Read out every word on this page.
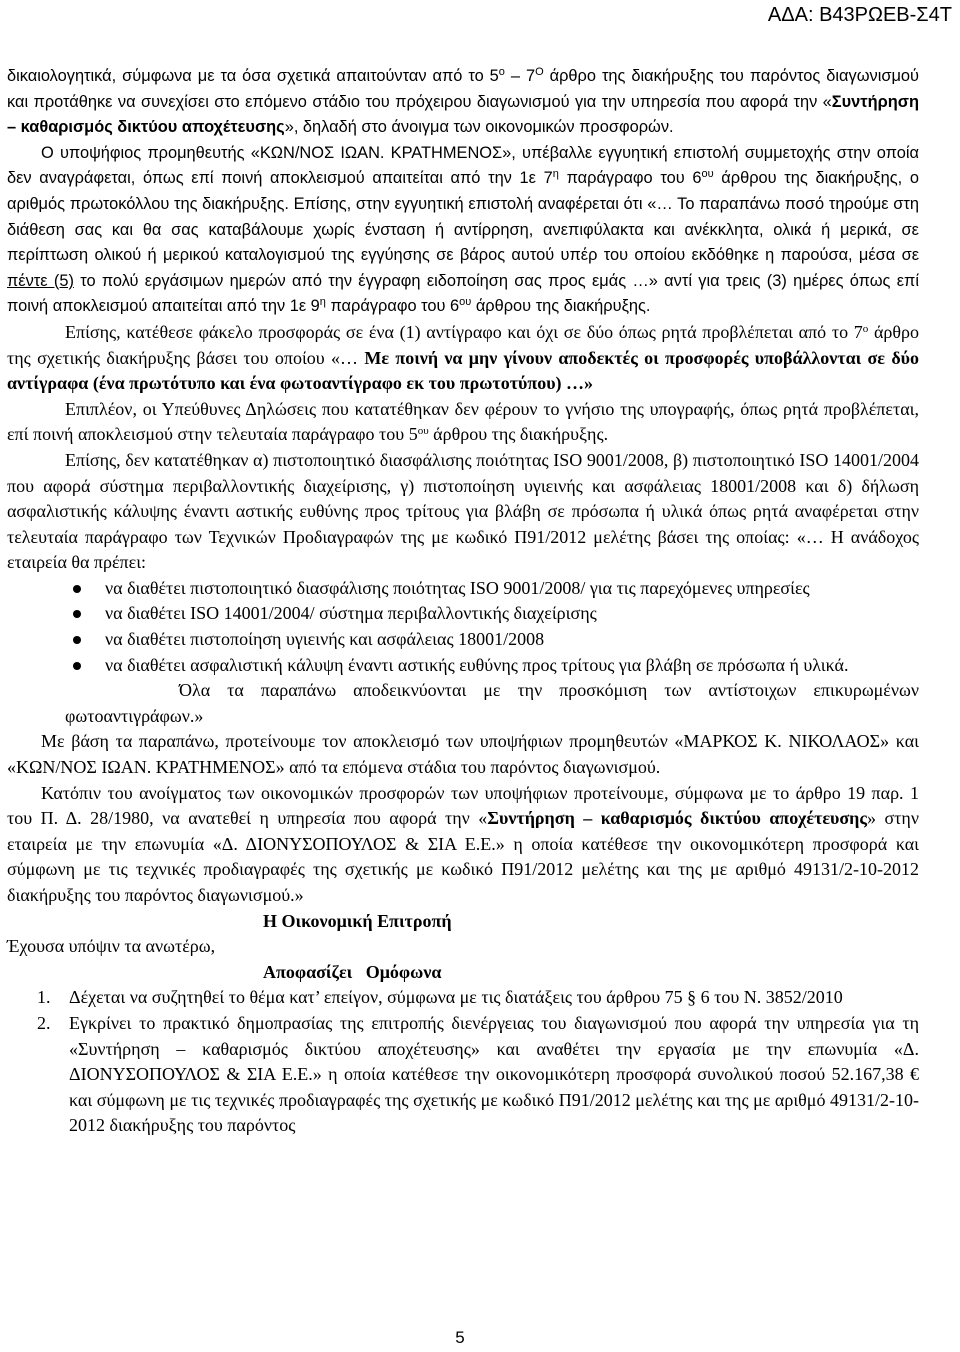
ΑΔΑ: Β43ΡΩΕΒ-Σ4Τ

δικαιολογητικά, σύμφωνα με τα όσα σχετικά απαιτούνταν από το $5^o - 7^O$ άρθρο της διακήρυξης του παρόντος διαγωνισμού και προτάθηκε να συνεχίσει στο επόμενο στάδιο του πρόχειρου διαγωνισμού για την υπηρεσία που αφορά την «Συντήρηση – καθαρισμός δικτύου αποχέτευσης», δηλαδή στο άνοιγμα των οικονομικών προσφορών.

Ο υποψήφιος προμηθευτής «ΚΩΝ/ΝΟΣ ΙΩΑΝ. ΚΡΑΤΗΜΕΝΟΣ», υπέβαλλε εγγυητική επιστολή συμμετοχής στην οποία δεν αναγράφεται, όπως επί ποινή αποκλεισμού απαιτείται από την 1ε $7^\eta$ παράγραφο του $6^{o\upsilon}$ άρθρου της διακήρυξης, ο αριθμός πρωτοκόλλου της διακήρυξης. Επίσης, στην εγγυητική επιστολή αναφέρεται ότι «… Το παραπάνω ποσό τηρούμε στη διάθεση σας και θα σας καταβάλουμε χωρίς ένσταση ή αντίρρηση, ανεπιφύλακτα και ανέκκλητα, ολικά ή μερικά, σε περίπτωση ολικού ή μερικού καταλογισμού της εγγύησης σε βάρος αυτού υπέρ του οποίου εκδόθηκε η παρούσα, μέσα σε πέντε (5) το πολύ εργάσιμων ημερών από την έγγραφη ειδοποίηση σας προς εμάς …» αντί για τρεις (3) ημέρες όπως επί ποινή αποκλεισμού απαιτείται από την 1ε $9^\eta$ παράγραφο του $6^{o\upsilon}$ άρθρου της διακήρυξης.

Επίσης, κατέθεσε φάκελο προσφοράς σε ένα (1) αντίγραφο και όχι σε δύο όπως ρητά προβλέπεται από το $7^o$ άρθρο της σχετικής διακήρυξης βάσει του οποίου «… Με ποινή να μην γίνουν αποδεκτές οι προσφορές υποβάλλονται σε δύο αντίγραφα (ένα πρωτότυπο και ένα φωτοαντίγραφο εκ του πρωτοτύπου) …»

Επιπλέον, οι Υπεύθυνες Δηλώσεις που κατατέθηκαν δεν φέρουν το γνήσιο της υπογραφής, όπως ρητά προβλέπεται, επί ποινή αποκλεισμού στην τελευταία παράγραφο του $5^{o\upsilon}$ άρθρου της διακήρυξης.

Επίσης, δεν κατατέθηκαν α) πιστοποιητικό διασφάλισης ποιότητας ISO 9001/2008, β) πιστοποιητικό ISO 14001/2004 που αφορά σύστημα περιβαλλοντικής διαχείρισης, γ) πιστοποίηση υγιεινής και ασφάλειας 18001/2008 και δ) δήλωση ασφαλιστικής κάλυψης έναντι αστικής ευθύνης προς τρίτους για βλάβη σε πρόσωπα ή υλικά όπως ρητά αναφέρεται στην τελευταία παράγραφο των Τεχνικών Προδιαγραφών της με κωδικό Π91/2012 μελέτης βάσει της οποίας: «… Η ανάδοχος εταιρεία θα πρέπει:

να διαθέτει πιστοποιητικό διασφάλισης ποιότητας ISO 9001/2008/ για τις παρεχόμενες υπηρεσίες
να διαθέτει ISO 14001/2004/ σύστημα περιβαλλοντικής διαχείρισης
να διαθέτει πιστοποίηση υγιεινής και ασφάλειας 18001/2008
να διαθέτει ασφαλιστική κάλυψη έναντι αστικής ευθύνης προς τρίτους για βλάβη σε πρόσωπα ή υλικά.

Όλα τα παραπάνω αποδεικνύονται με την προσκόμιση των αντίστοιχων επικυρωμένων φωτοαντιγράφων.»

Με βάση τα παραπάνω, προτείνουμε τον αποκλεισμό των υποψήφιων προμηθευτών «ΜΑΡΚΟΣ Κ. ΝΙΚΟΛΑΟΣ» και «ΚΩΝ/ΝΟΣ ΙΩΑΝ. ΚΡΑΤΗΜΕΝΟΣ» από τα επόμενα στάδια του παρόντος διαγωνισμού.

Κατόπιν του ανοίγματος των οικονομικών προσφορών των υποψήφιων προτείνουμε, σύμφωνα με το άρθρο 19 παρ. 1 του Π. Δ. 28/1980, να ανατεθεί η υπηρεσία που αφορά την «Συντήρηση – καθαρισμός δικτύου αποχέτευσης» στην εταιρεία με την επωνυμία «Δ. ΔΙΟΝΥΣΟΠΟΥΛΟΣ & ΣΙΑ Ε.Ε.» η οποία κατέθεσε την οικονομικότερη προσφορά και σύμφωνη με τις τεχνικές προδιαγραφές της σχετικής με κωδικό Π91/2012 μελέτης και της με αριθμό 49131/2-10-2012 διακήρυξης του παρόντος διαγωνισμού.»

Η Οικονομική Επιτροπή

Έχουσα υπόψιν τα ανωτέρω,

Αποφασίζει   Ομόφωνα

1. Δέχεται να συζητηθεί το θέμα κατ’ επείγον, σύμφωνα με τις διατάξεις του άρθρου 75 § 6 του Ν. 3852/2010
2. Εγκρίνει το πρακτικό δημοπρασίας της επιτροπής διενέργειας του διαγωνισμού που αφορά την υπηρεσία για τη «Συντήρηση – καθαρισμός δικτύου αποχέτευσης» και αναθέτει την εργασία με την επωνυμία «Δ. ΔΙΟΝΥΣΟΠΟΥΛΟΣ & ΣΙΑ Ε.Ε.» η οποία κατέθεσε την οικονομικότερη προσφορά συνολικού ποσού 52.167,38 € και σύμφωνη με τις τεχνικές προδιαγραφές της σχετικής με κωδικό Π91/2012 μελέτης και της με αριθμό 49131/2-10-2012 διακήρυξης του παρόντος
5
